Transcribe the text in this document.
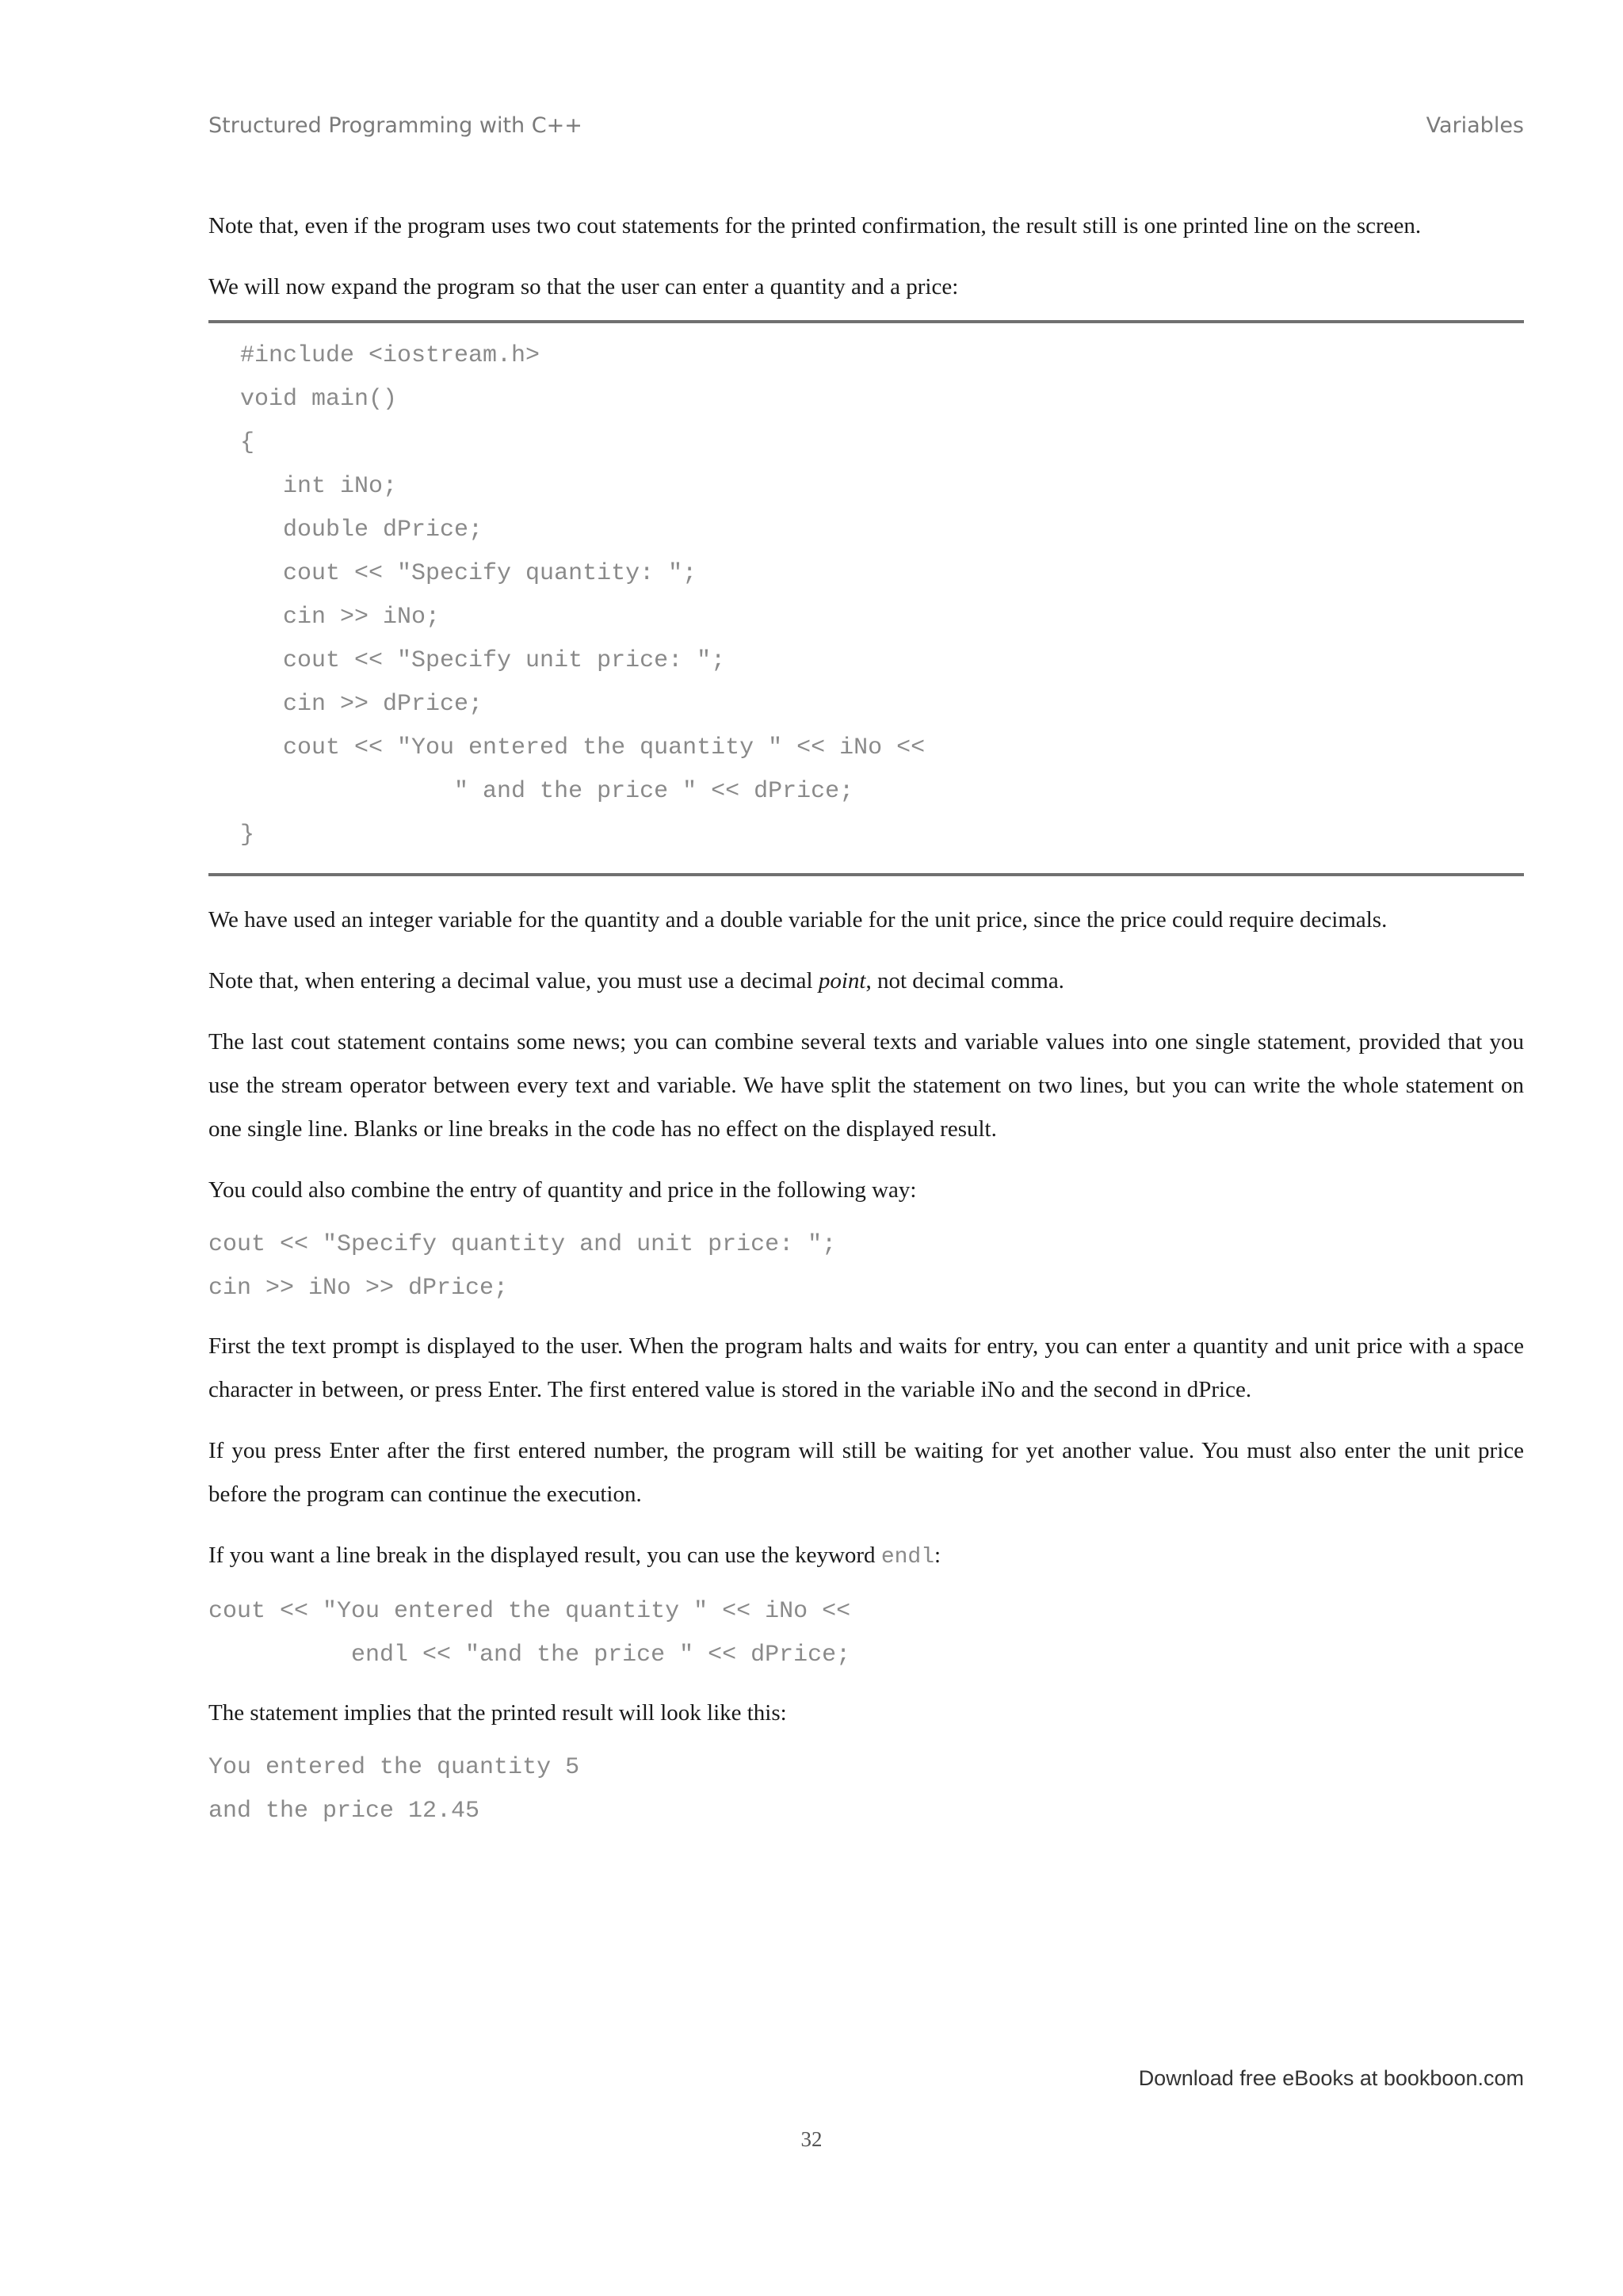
Structured Programming with C++	Variables

Note that, even if the program uses two cout statements for the printed confirmation, the result still is one printed line on the screen.

We will now expand the program so that the user can enter a quantity and a price:

#include <iostream.h>
void main()
{
int iNo;
double dPrice;
cout << "Specify quantity: ";
cin >> iNo;
cout << "Specify unit price: ";
cin >> dPrice;
cout << "You entered the quantity " << iNo <<
" and the price " << dPrice;
}

We have used an integer variable for the quantity and a double variable for the unit price, since the price could require decimals.

Note that, when entering a decimal value, you must use a decimal point, not decimal comma.

The last cout statement contains some news; you can combine several texts and variable values into one single statement, provided that you use the stream operator between every text and variable. We have split the statement on two lines, but you can write the whole statement on one single line. Blanks or line breaks in the code has no effect on the displayed result.

You could also combine the entry of quantity and price in the following way:

cout << "Specify quantity and unit price: ";
cin >> iNo >> dPrice;

First the text prompt is displayed to the user. When the program halts and waits for entry, you can enter a quantity and unit price with a space character in between, or press Enter. The first entered value is stored in the variable iNo and the second in dPrice.

If you press Enter after the first entered number, the program will still be waiting for yet another value. You must also enter the unit price before the program can continue the execution.

If you want a line break in the displayed result, you can use the keyword endl:

cout << "You entered the quantity " << iNo <<
endl << "and the price " << dPrice;

The statement implies that the printed result will look like this:

You entered the quantity 5
and the price 12.45
Download free eBooks at bookboon.com
32
